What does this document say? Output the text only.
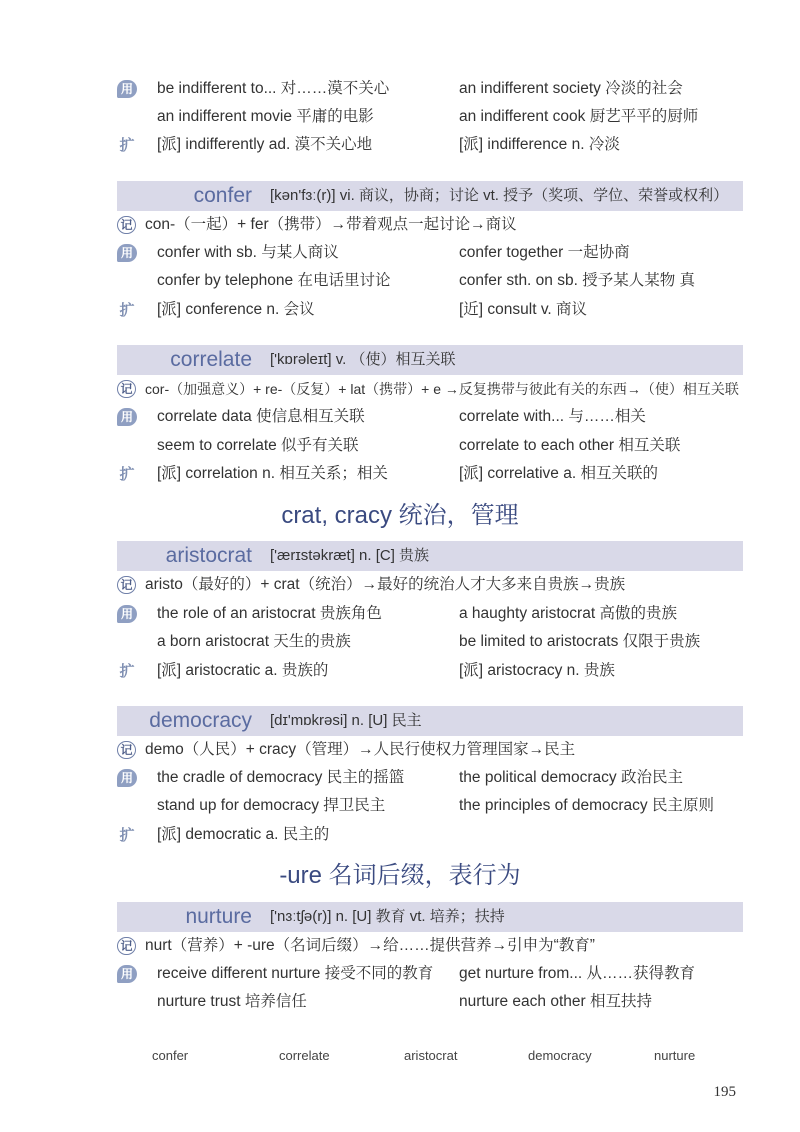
用 be indifferent to... 对……漠不关心	an indifferent society 冷淡的社会
an indifferent movie 平庸的电影	an indifferent cook 厨艺平平的厨师
扩 [派] indifferently ad. 漠不关心地	[派] indifference n. 冷淡
confer [kən'fɜː(r)] vi. 商议，协商；讨论 vt. 授予（奖项、学位、荣誉或权利）
记 con-（一起）+ fer（携带）→带着观点一起讨论→商议
用 confer with sb. 与某人商议	confer together 一起协商
confer by telephone 在电话里讨论	confer sth. on sb. 授予某人某物 真
扩 [派] conference n. 会议	[近] consult v. 商议
correlate ['kɒrəleɪt] v. （使）相互关联
记 cor-（加强意义）+ re-（反复）+ lat（携带）+ e →反复携带与彼此有关的东西→（使）相互关联
用 correlate data 使信息相互关联	correlate with... 与……相关
seem to correlate 似乎有关联	correlate to each other 相互关联
扩 [派] correlation n. 相互关系；相关	[派] correlative a. 相互关联的
crat, cracy 统治，管理
aristocrat ['ærɪstəkræt] n. [C] 贵族
记 aristo（最好的）+ crat（统治）→最好的统治人才大多来自贵族→贵族
用 the role of an aristocrat 贵族角色	a haughty aristocrat 高傲的贵族
a born aristocrat 天生的贵族	be limited to aristocrats 仅限于贵族
扩 [派] aristocratic a. 贵族的	[派] aristocracy n. 贵族
democracy [dɪ'mɒkrəsi] n. [U] 民主
记 demo（人民）+ cracy（管理）→人民行使权力管理国家→民主
用 the cradle of democracy 民主的摇篮	the political democracy 政治民主
stand up for democracy 捍卫民主	the principles of democracy 民主原则
扩 [派] democratic a. 民主的
-ure 名词后缀，表行为
nurture ['nɜːtʃə(r)] n. [U] 教育 vt. 培养；扶持
记 nurt（营养）+ -ure（名词后缀）→给……提供营养→引申为“教育”
用 receive different nurture 接受不同的教育	get nurture from... 从……获得教育
nurture trust 培养信任	nurture each other 相互扶持
confer	correlate	aristocrat	democracy	nurture
195
